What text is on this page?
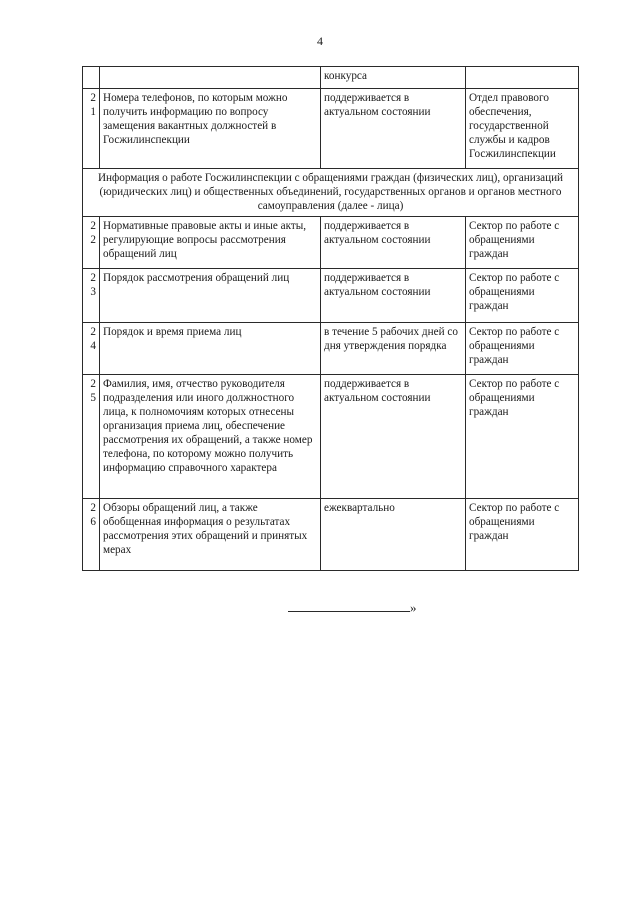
4
		конкурса	
21	Номера телефонов, по которым можно получить информацию по вопросу замещения вакантных должностей в Госжилинспекции	поддерживается в актуальном состоянии	Отдел правового обеспечения, государственной службы и кадров Госжилинспекции
Информация о работе Госжилинспекции с обращениями граждан (физических лиц), организаций (юридических лиц) и общественных объединений, государственных органов и органов местного самоуправления (далее - лица)			
22	Нормативные правовые акты и иные акты, регулирующие вопросы рассмотрения обращений лиц	поддерживается в актуальном состоянии	Сектор по работе с обращениями граждан
23	Порядок рассмотрения обращений лиц	поддерживается в актуальном состоянии	Сектор по работе с обращениями граждан
24	Порядок и время приема лиц	в течение 5 рабочих дней со дня утверждения порядка	Сектор по работе с обращениями граждан
25	Фамилия, имя, отчество руководителя подразделения или иного должностного лица, к полномочиям которых отнесены организация приема лиц, обеспечение рассмотрения их обращений, а также номер телефона, по которому можно получить информацию справочного характера	поддерживается в актуальном состоянии	Сектор по работе с обращениями граждан
26	Обзоры обращений лиц, а также обобщенная информация о результатах рассмотрения этих обращений и принятых мерах	ежеквартально	Сектор по работе с обращениями граждан
»
